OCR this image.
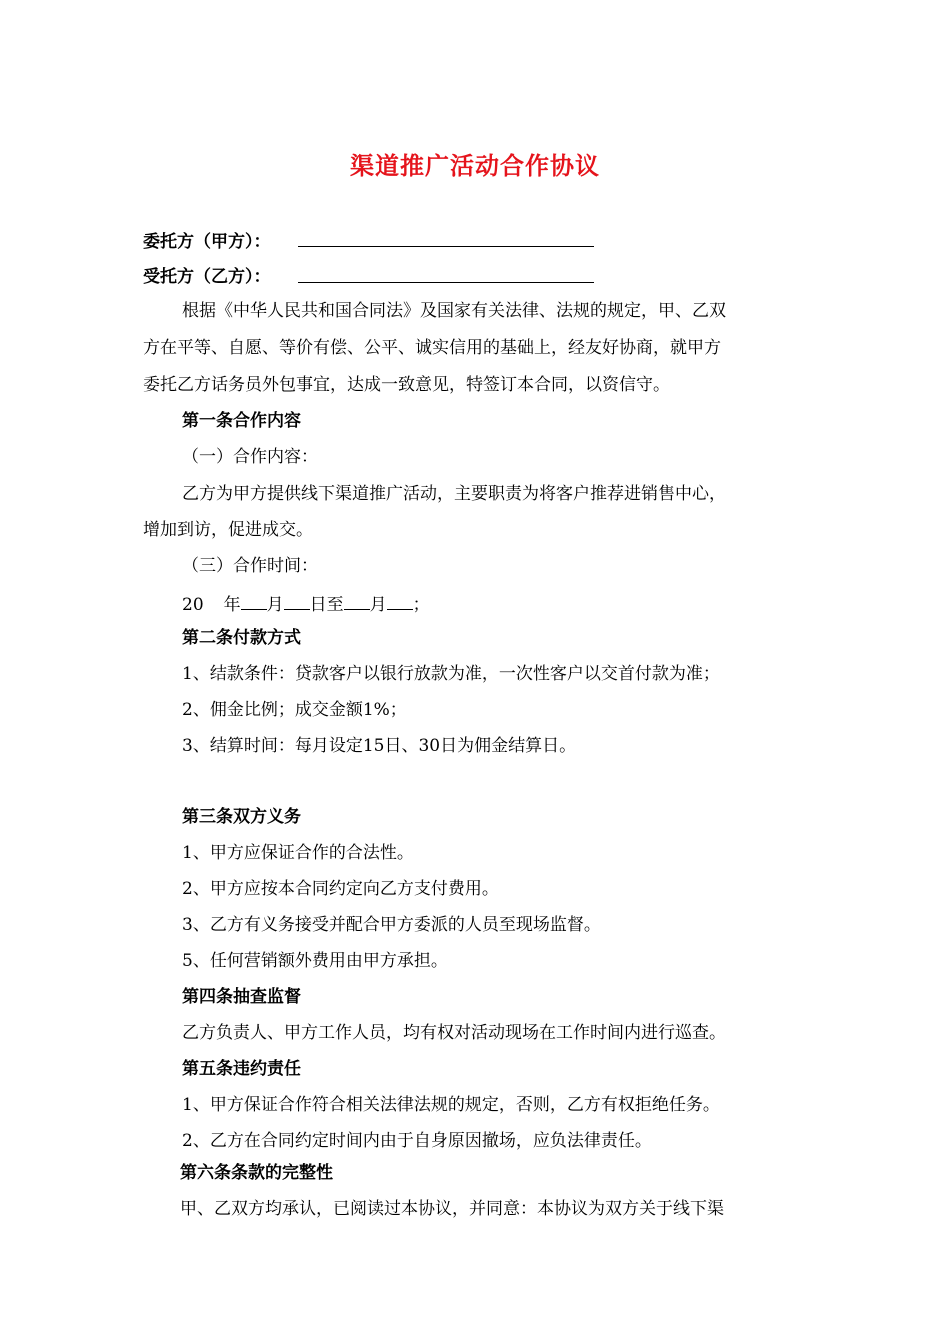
渠道推广活动合作协议
委托方（甲方）：
受托方（乙方）：
根据《中华人民共和国合同法》及国家有关法律、法规的规定，甲、乙双
方在平等、自愿、等价有偿、公平、诚实信用的基础上，经友好协商，就甲方
委托乙方话务员外包事宜，达成一致意见，特签订本合同，以资信守。
第一条合作内容
（一）合作内容：
乙方为甲方提供线下渠道推广活动，主要职责为将客户推荐进销售中心，
增加到访，促进成交。
（三）合作时间：
20 年 月 日至 月 ；
第二条付款方式
1、结款条件：贷款客户以银行放款为准，一次性客户以交首付款为准；
2、佣金比例；成交金额1%；
3、结算时间：每月设定15日、30日为佣金结算日。
第三条双方义务
1、甲方应保证合作的合法性。
2、甲方应按本合同约定向乙方支付费用。
3、乙方有义务接受并配合甲方委派的人员至现场监督。
5、任何营销额外费用由甲方承担。
第四条抽查监督
乙方负责人、甲方工作人员，均有权对活动现场在工作时间内进行巡查。
第五条违约责任
1、甲方保证合作符合相关法律法规的规定，否则，乙方有权拒绝任务。
2、乙方在合同约定时间内由于自身原因撤场，应负法律责任。
第六条条款的完整性
甲、乙双方均承认，已阅读过本协议，并同意：本协议为双方关于线下渠
